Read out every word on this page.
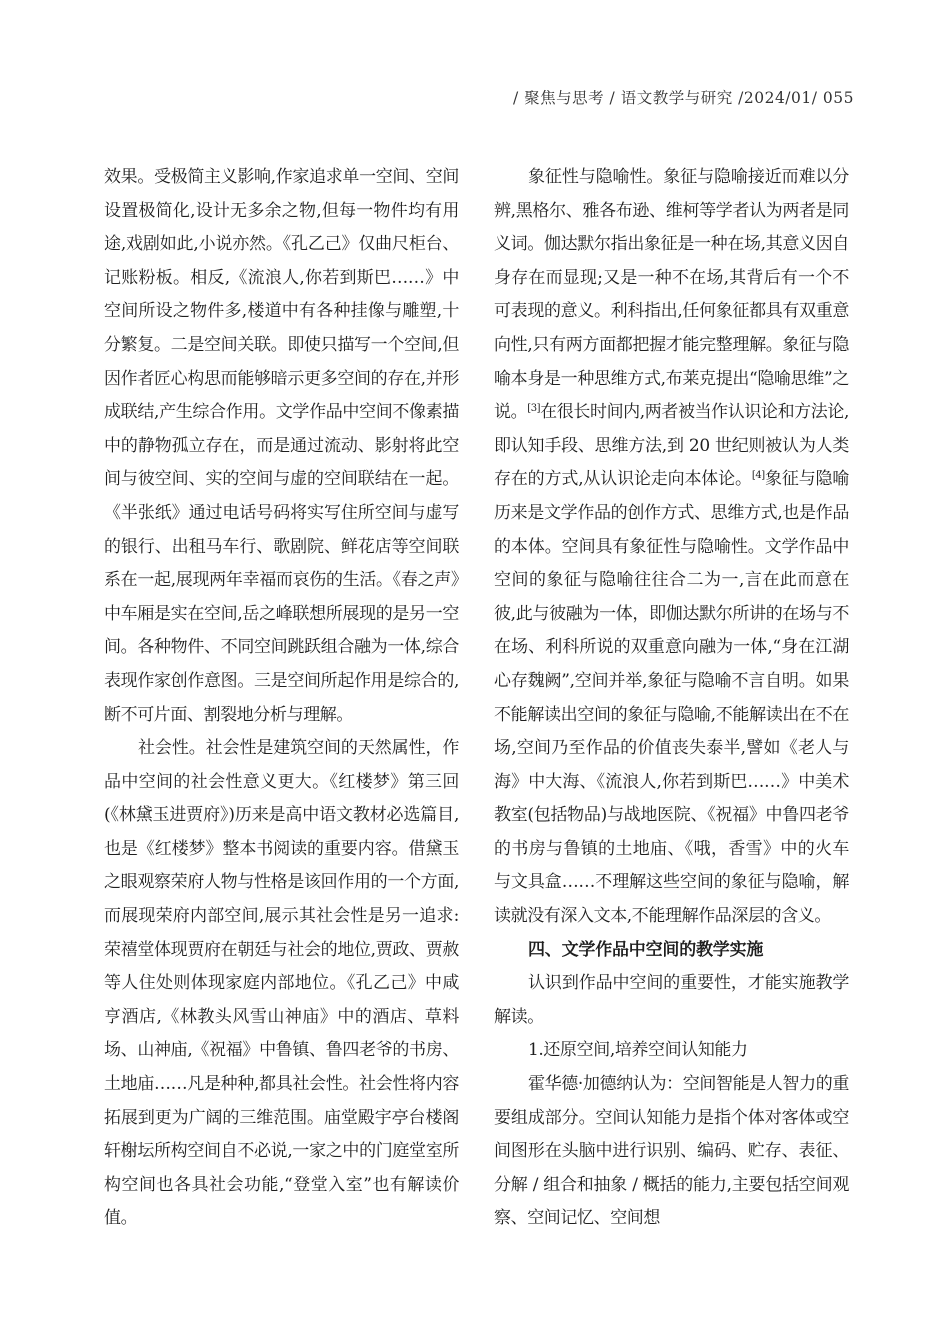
/ 聚焦与思考 / 语文教学与研究 /2024/01/ 055

效果。受极简主义影响,作家追求单一空间、空间设置极简化,设计无多余之物,但每一物件均有用途,戏剧如此,小说亦然。《孔乙己》仅曲尺柜台、记账粉板。相反,《流浪人,你若到斯巴……》中空间所设之物件多,楼道中有各种挂像与雕塑,十分繁复。二是空间关联。即使只描写一个空间,但因作者匠心构思而能够暗示更多空间的存在,并形成联结,产生综合作用。文学作品中空间不像素描中的静物孤立存在，而是通过流动、影射将此空间与彼空间、实的空间与虚的空间联结在一起。《半张纸》通过电话号码将实写住所空间与虚写的银行、出租马车行、歌剧院、鲜花店等空间联系在一起,展现两年幸福而哀伤的生活。《春之声》中车厢是实在空间,岳之峰联想所展现的是另一空间。各种物件、不同空间跳跃组合融为一体,综合表现作家创作意图。三是空间所起作用是综合的,断不可片面、割裂地分析与理解。

社会性。社会性是建筑空间的天然属性，作品中空间的社会性意义更大。《红楼梦》第三回(《林黛玉进贾府》)历来是高中语文教材必选篇目,也是《红楼梦》整本书阅读的重要内容。借黛玉之眼观察荣府人物与性格是该回作用的一个方面,而展现荣府内部空间,展示其社会性是另一追求:荣禧堂体现贾府在朝廷与社会的地位,贾政、贾赦等人住处则体现家庭内部地位。《孔乙己》中咸亨酒店,《林教头风雪山神庙》中的酒店、草料场、山神庙,《祝福》中鲁镇、鲁四老爷的书房、土地庙……凡是种种,都具社会性。社会性将内容拓展到更为广阔的三维范围。庙堂殿宇亭台楼阁轩榭坛所构空间自不必说,一家之中的门庭堂室所构空间也各具社会功能,“登堂入室”也有解读价值。

象征性与隐喻性。象征与隐喻接近而难以分辨,黑格尔、雅各布逊、维柯等学者认为两者是同义词。伽达默尔指出象征是一种在场,其意义因自身存在而显现;又是一种不在场,其背后有一个不可表现的意义。利科指出,任何象征都具有双重意向性,只有两方面都把握才能完整理解。象征与隐喻本身是一种思维方式,布莱克提出“隐喻思维”之说。[3]在很长时间内,两者被当作认识论和方法论,即认知手段、思维方法,到 20 世纪则被认为人类存在的方式,从认识论走向本体论。[4]象征与隐喻历来是文学作品的创作方式、思维方式,也是作品的本体。空间具有象征性与隐喻性。文学作品中空间的象征与隐喻往往合二为一,言在此而意在彼,此与彼融为一体，即伽达默尔所讲的在场与不在场、利科所说的双重意向融为一体,“身在江湖心存魏阙”,空间并举,象征与隐喻不言自明。如果不能解读出空间的象征与隐喻,不能解读出在不在场,空间乃至作品的价值丧失泰半,譬如《老人与海》中大海、《流浪人,你若到斯巴……》中美术教室(包括物品)与战地医院、《祝福》中鲁四老爷的书房与鲁镇的土地庙、《哦，香雪》中的火车与文具盒……不理解这些空间的象征与隐喻，解读就没有深入文本,不能理解作品深层的含义。

四、文学作品中空间的教学实施

认识到作品中空间的重要性，才能实施教学解读。

1.还原空间,培养空间认知能力

霍华德·加德纳认为：空间智能是人智力的重要组成部分。空间认知能力是指个体对客体或空间图形在头脑中进行识别、编码、贮存、表征、分解 / 组合和抽象 / 概括的能力,主要包括空间观察、空间记忆、空间想
